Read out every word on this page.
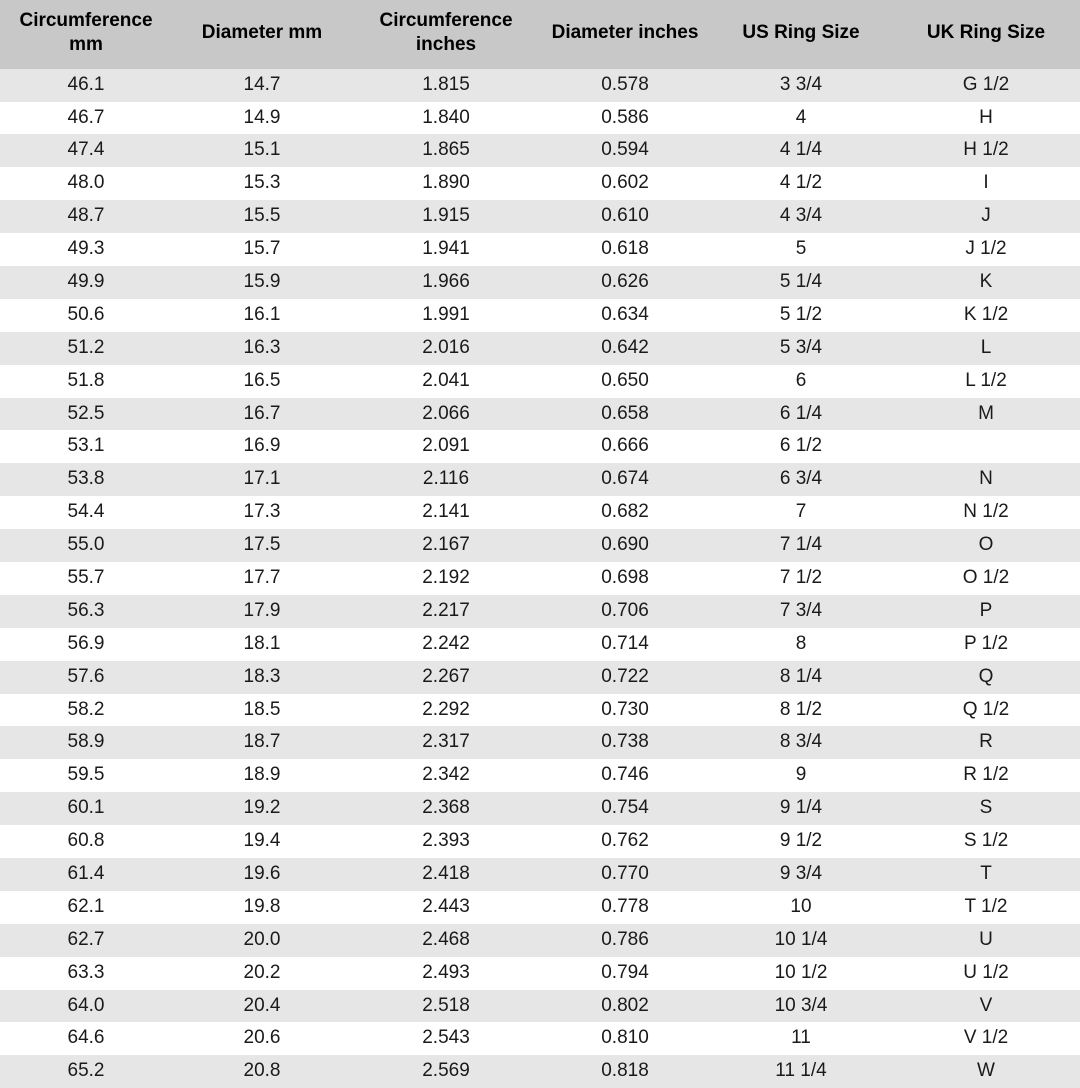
Circumference mm	Diameter mm	Circumference inches	Diameter inches	US Ring Size	UK Ring Size
46.1	14.7	1.815	0.578	3 3/4	G 1/2
46.7	14.9	1.840	0.586	4	H
47.4	15.1	1.865	0.594	4 1/4	H 1/2
48.0	15.3	1.890	0.602	4 1/2	I
48.7	15.5	1.915	0.610	4 3/4	J
49.3	15.7	1.941	0.618	5	J 1/2
49.9	15.9	1.966	0.626	5 1/4	K
50.6	16.1	1.991	0.634	5 1/2	K 1/2
51.2	16.3	2.016	0.642	5 3/4	L
51.8	16.5	2.041	0.650	6	L 1/2
52.5	16.7	2.066	0.658	6 1/4	M
53.1	16.9	2.091	0.666	6 1/2	
53.8	17.1	2.116	0.674	6 3/4	N
54.4	17.3	2.141	0.682	7	N 1/2
55.0	17.5	2.167	0.690	7 1/4	O
55.7	17.7	2.192	0.698	7 1/2	O 1/2
56.3	17.9	2.217	0.706	7 3/4	P
56.9	18.1	2.242	0.714	8	P 1/2
57.6	18.3	2.267	0.722	8 1/4	Q
58.2	18.5	2.292	0.730	8 1/2	Q 1/2
58.9	18.7	2.317	0.738	8 3/4	R
59.5	18.9	2.342	0.746	9	R 1/2
60.1	19.2	2.368	0.754	9 1/4	S
60.8	19.4	2.393	0.762	9 1/2	S 1/2
61.4	19.6	2.418	0.770	9 3/4	T
62.1	19.8	2.443	0.778	10	T 1/2
62.7	20.0	2.468	0.786	10 1/4	U
63.3	20.2	2.493	0.794	10 1/2	U 1/2
64.0	20.4	2.518	0.802	10 3/4	V
64.6	20.6	2.543	0.810	11	V 1/2
65.2	20.8	2.569	0.818	11 1/4	W
